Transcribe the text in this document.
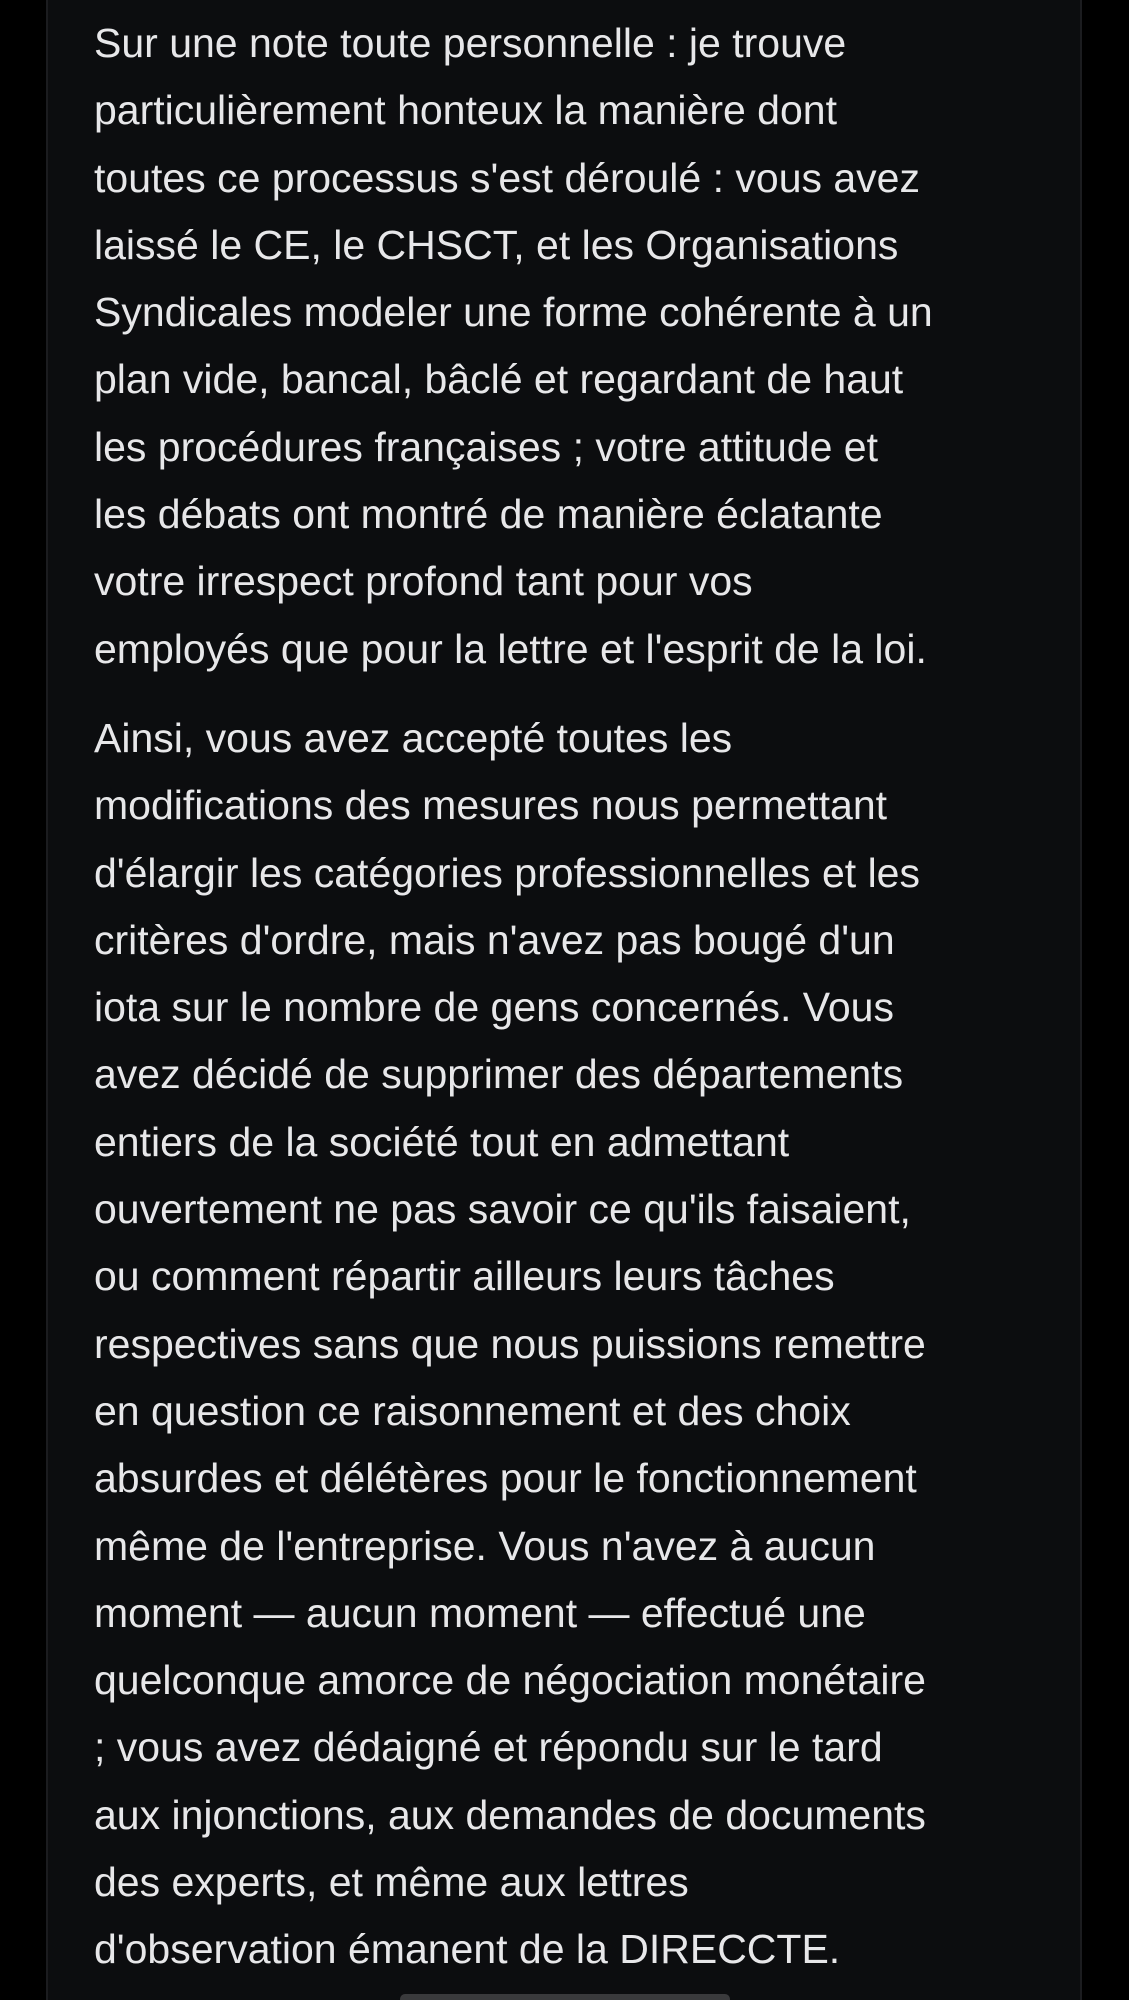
Sur une note toute personnelle : je trouve
particulièrement honteux la manière dont
toutes ce processus s'est déroulé : vous avez
laissé le CE, le CHSCT, et les Organisations
Syndicales modeler une forme cohérente à un
plan vide, bancal, bâclé et regardant de haut
les procédures françaises ; votre attitude et
les débats ont montré de manière éclatante
votre irrespect profond tant pour vos
employés que pour la lettre et l'esprit de la loi.
Ainsi, vous avez accepté toutes les
modifications des mesures nous permettant
d'élargir les catégories professionnelles et les
critères d'ordre, mais n'avez pas bougé d'un
iota sur le nombre de gens concernés. Vous
avez décidé de supprimer des départements
entiers de la société tout en admettant
ouvertement ne pas savoir ce qu'ils faisaient,
ou comment répartir ailleurs leurs tâches
respectives sans que nous puissions remettre
en question ce raisonnement et des choix
absurdes et délétères pour le fonctionnement
même de l'entreprise. Vous n'avez à aucun
moment — aucun moment — effectué une
quelconque amorce de négociation monétaire
; vous avez dédaigné et répondu sur le tard
aux injonctions, aux demandes de documents
des experts, et même aux lettres
d'observation émanent de la DIRECCTE.
